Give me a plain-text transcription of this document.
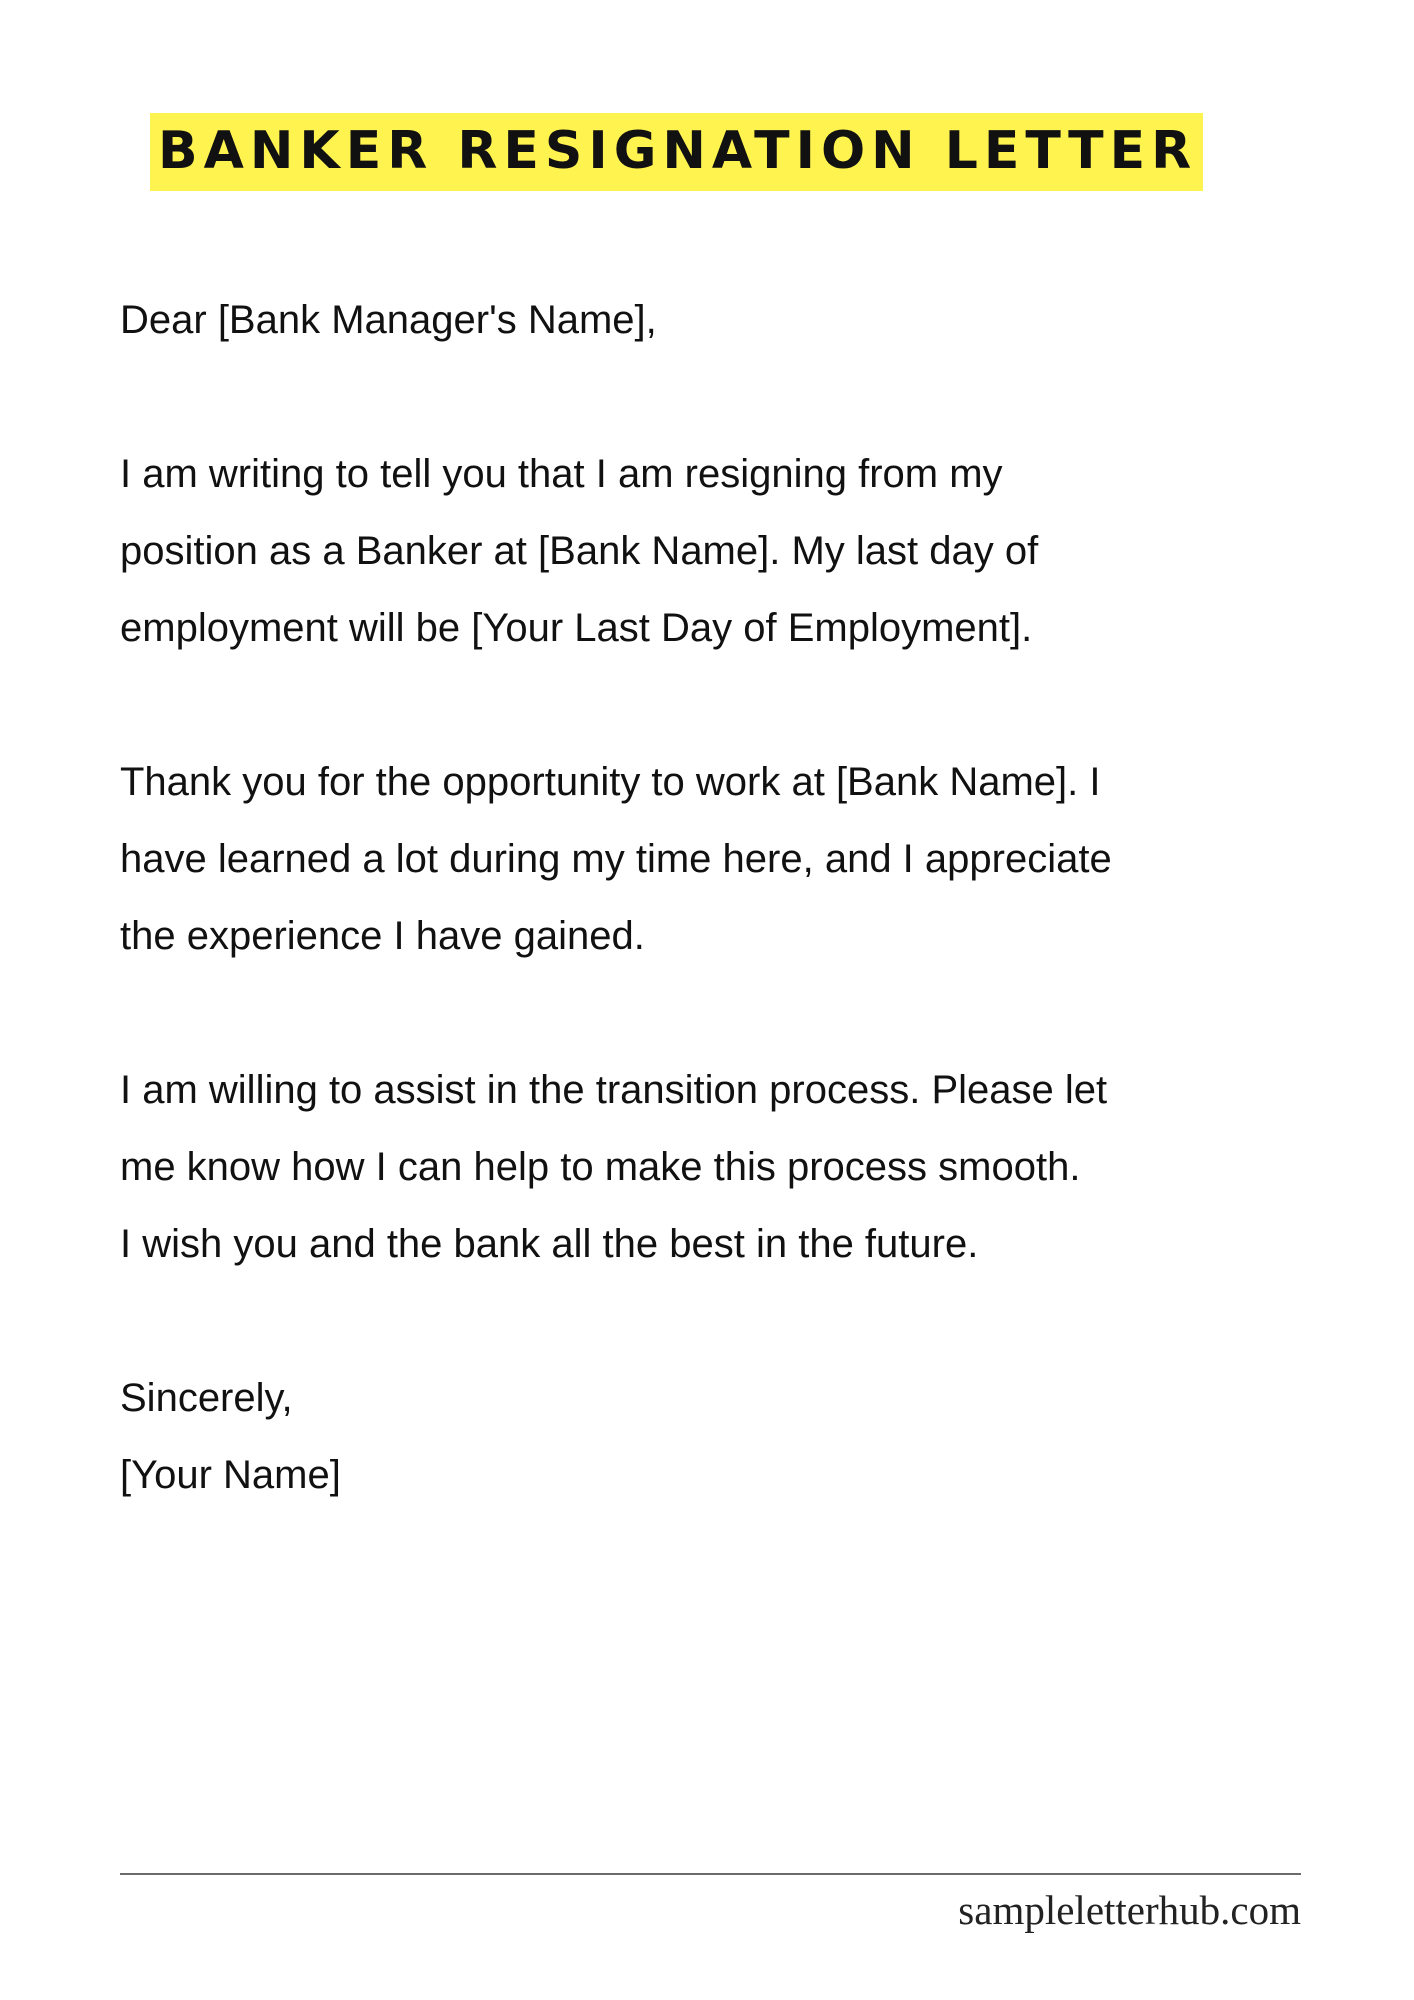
BANKER RESIGNATION LETTER

Dear [Bank Manager's Name],

I am writing to tell you that I am resigning from my

position as a Banker at [Bank Name]. My last day of

employment will be [Your Last Day of Employment].

Thank you for the opportunity to work at [Bank Name]. I

have learned a lot during my time here, and I appreciate

the experience I have gained.

I am willing to assist in the transition process. Please let

me know how I can help to make this process smooth.

I wish you and the bank all the best in the future.

Sincerely,

[Your Name]

sampleletterhub.com
